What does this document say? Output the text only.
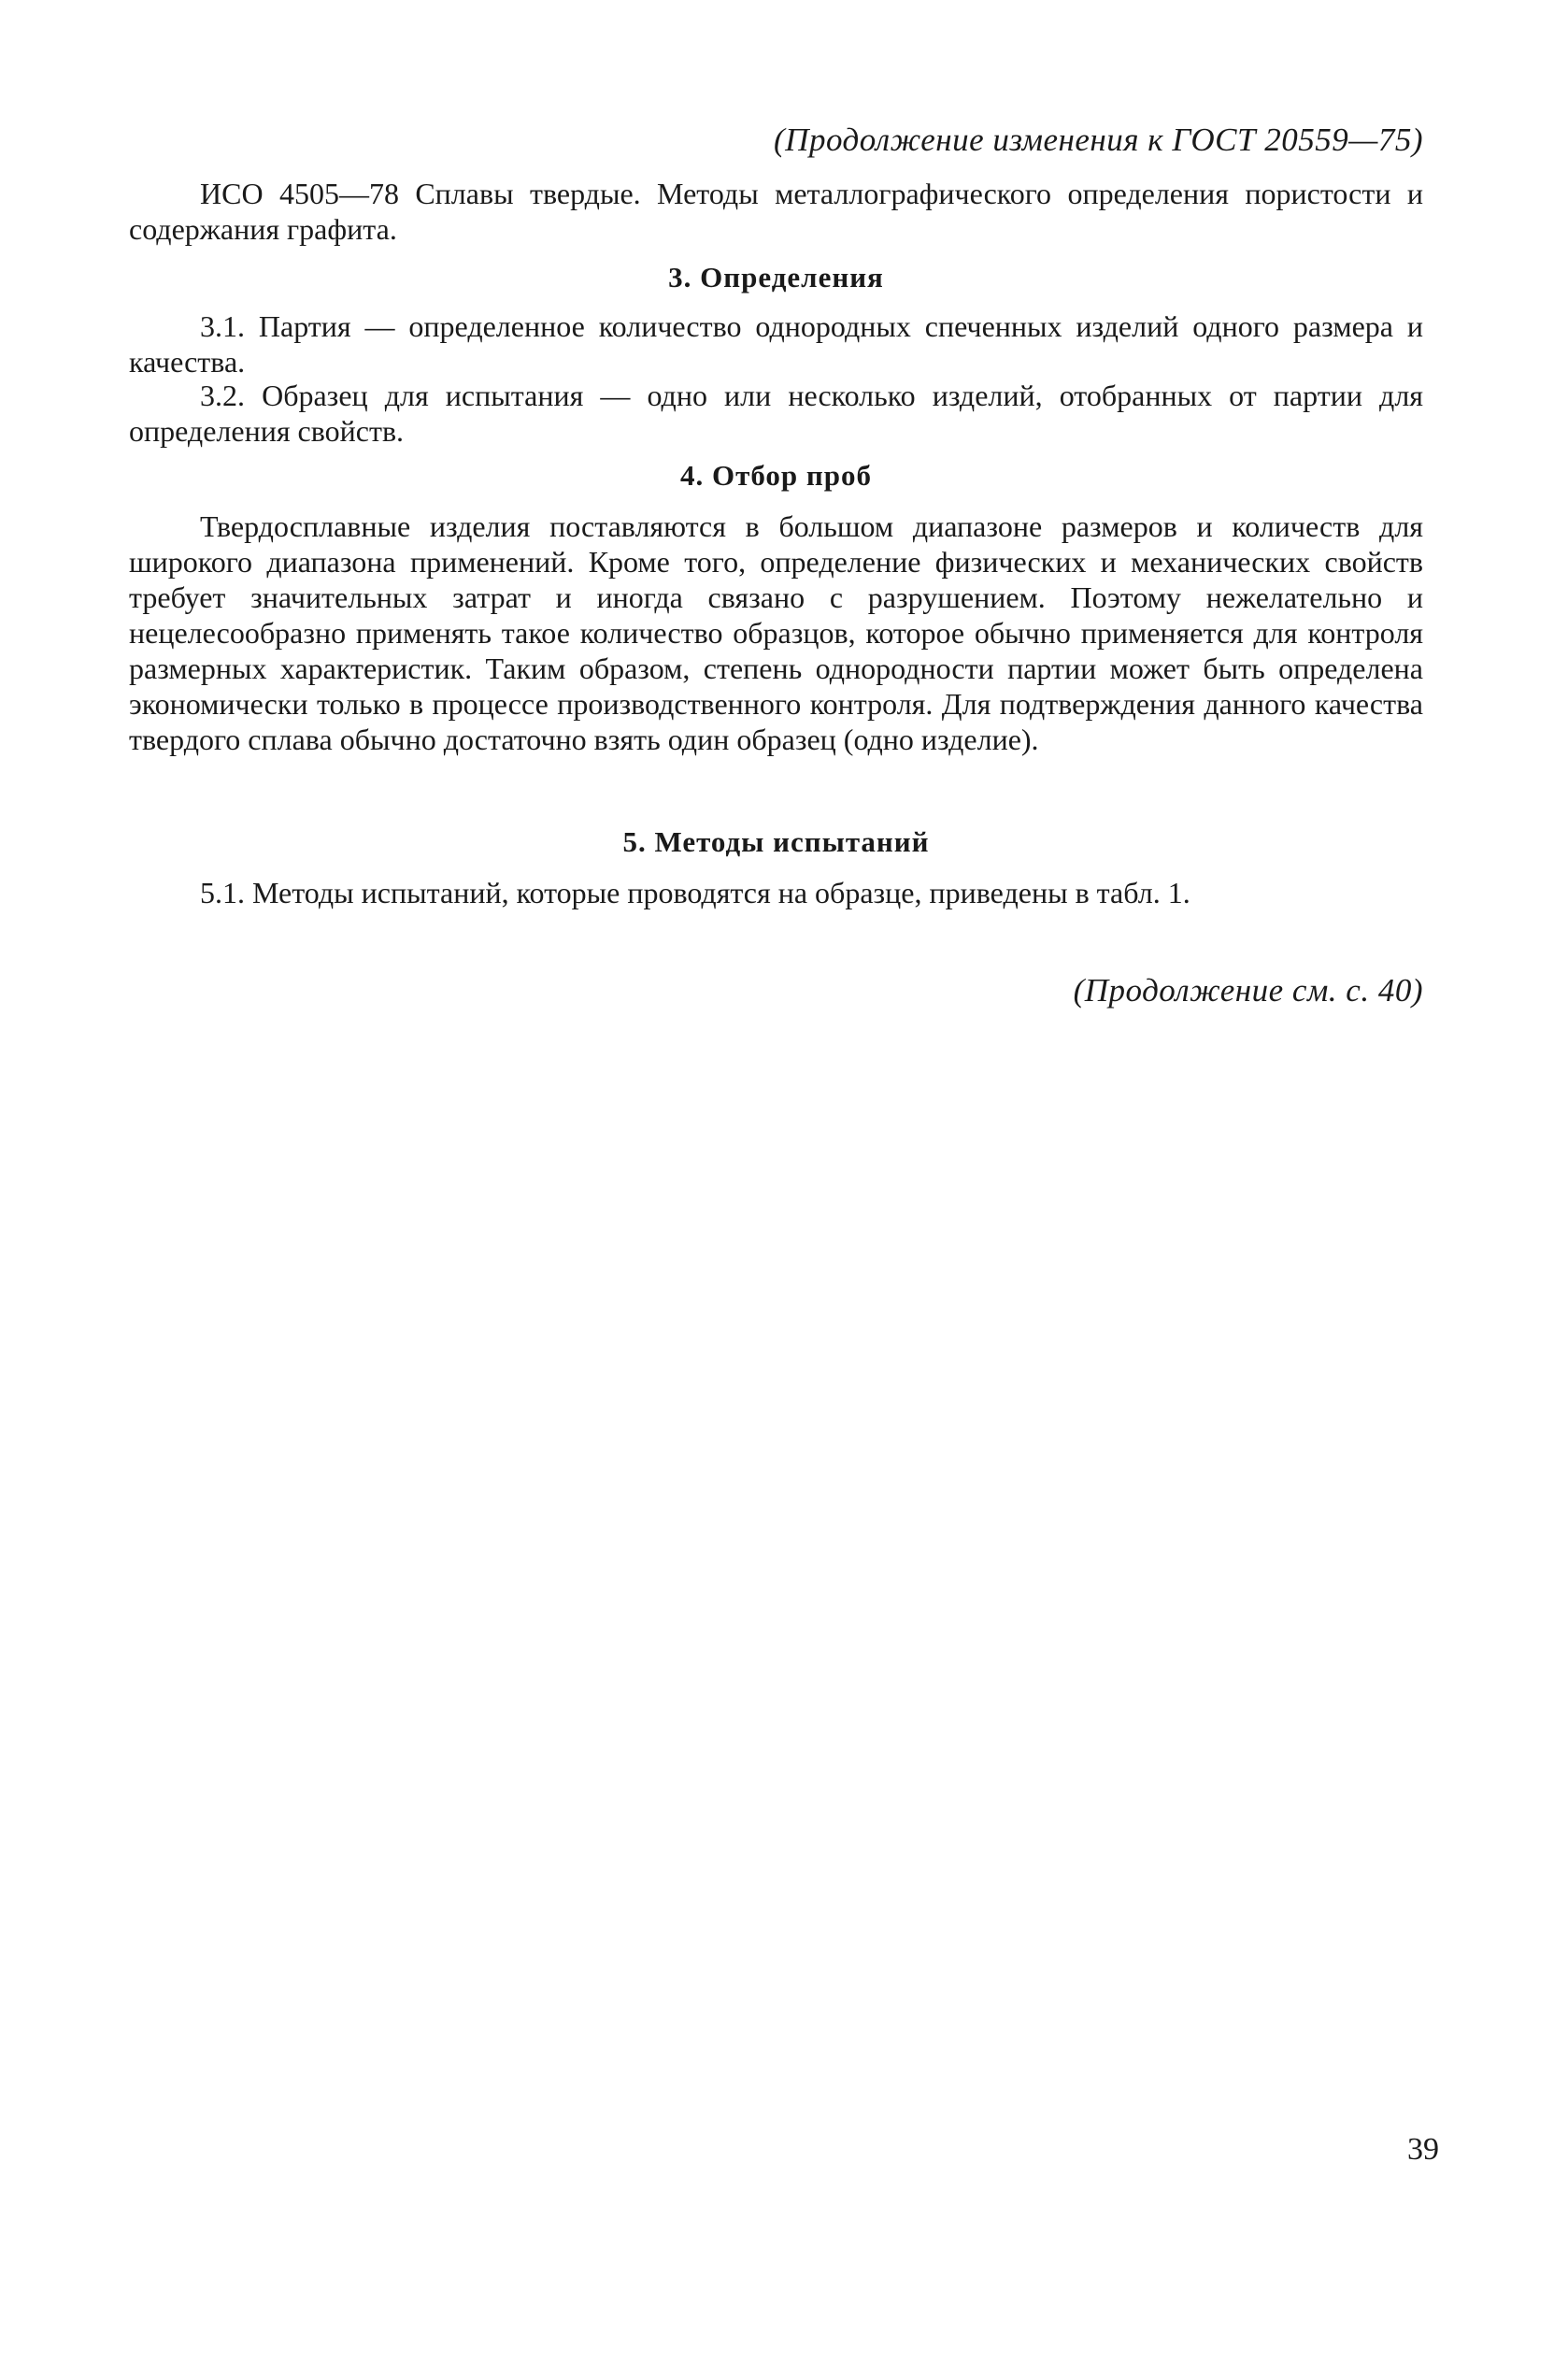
(Продолжение изменения к ГОСТ 20559—75)

ИСО 4505—78 Сплавы твердые. Методы металлографического определения пористости и содержания графита.

3. Определения

3.1. Партия — определенное количество однородных спеченных изделий одного размера и качества.

3.2. Образец для испытания — одно или несколько изделий, отобранных от партии для определения свойств.

4. Отбор проб

Твердосплавные изделия поставляются в большом диапазоне размеров и количеств для широкого диапазона применений. Кроме того, определение физических и механических свойств требует значительных затрат и иногда связано с разрушением. Поэтому нежелательно и нецелесообразно применять такое количество образцов, которое обычно применяется для контроля размерных характеристик. Таким образом, степень однородности партии может быть определена экономически только в процессе производственного контроля. Для подтверждения данного качества твердого сплава обычно достаточно взять один образец (одно изделие).

5. Методы испытаний

5.1. Методы испытаний, которые проводятся на образце, приведены в табл. 1.

(Продолжение см. с. 40)
39
